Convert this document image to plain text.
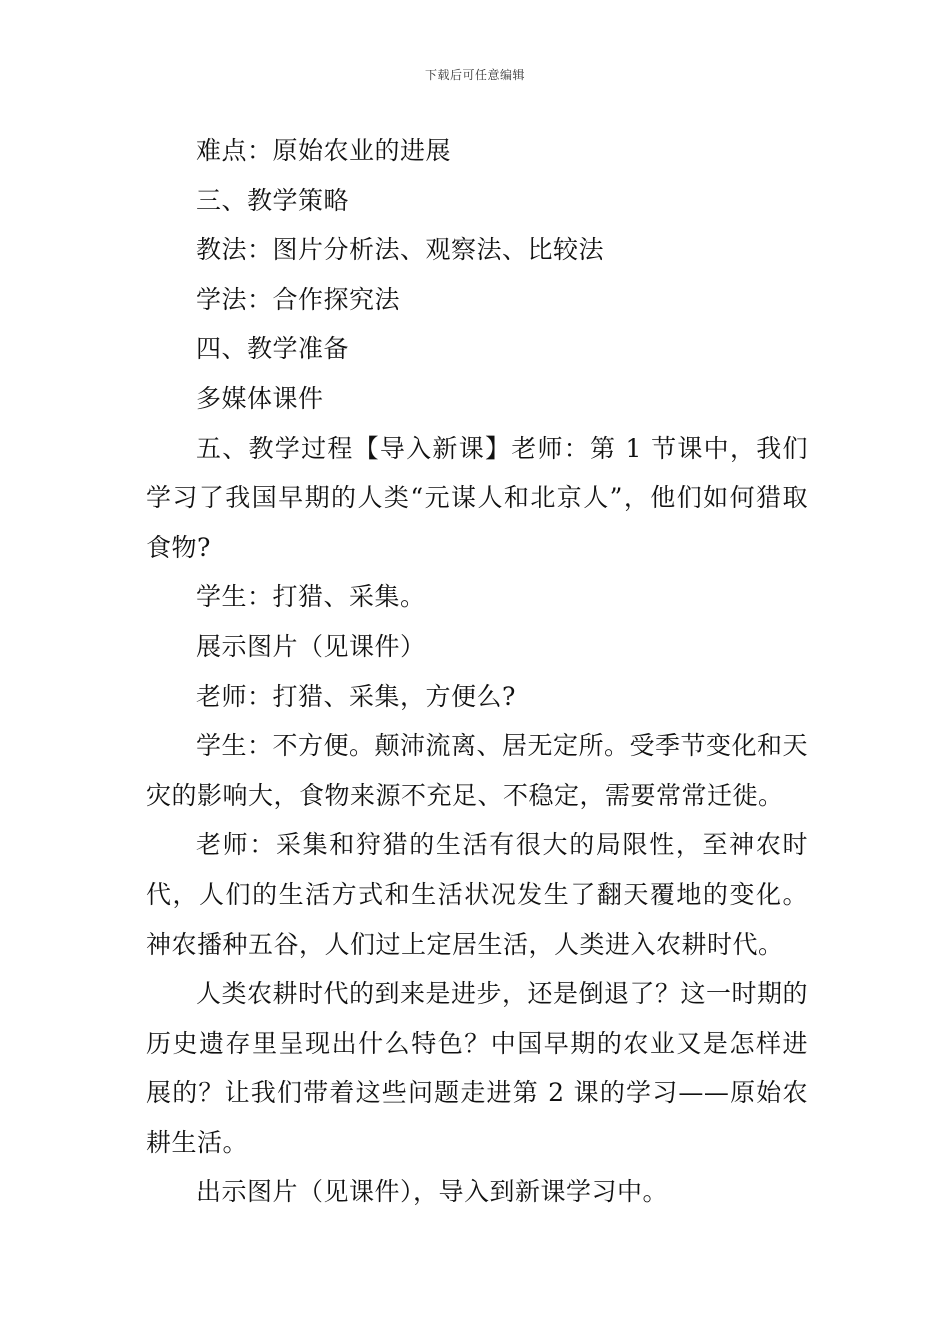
下载后可任意编辑

难点：原始农业的进展

三、教学策略

教法：图片分析法、观察法、比较法

学法：合作探究法

四、教学准备

多媒体课件

五、教学过程【导入新课】老师：第 1 节课中，我们学习了我国早期的人类“元谋人和北京人”，他们如何猎取食物?

学生：打猎、采集。

展示图片（见课件）

老师：打猎、采集，方便么?

学生：不方便。颠沛流离、居无定所。受季节变化和天灾的影响大，食物来源不充足、不稳定，需要常常迁徙。

老师：采集和狩猎的生活有很大的局限性，至神农时代，人们的生活方式和生活状况发生了翻天覆地的变化。神农播种五谷，人们过上定居生活，人类进入农耕时代。

人类农耕时代的到来是进步，还是倒退了？这一时期的历史遗存里呈现出什么特色？中国早期的农业又是怎样进展的？让我们带着这些问题走进第 2 课的学习——原始农耕生活。

出示图片（见课件），导入到新课学习中。
